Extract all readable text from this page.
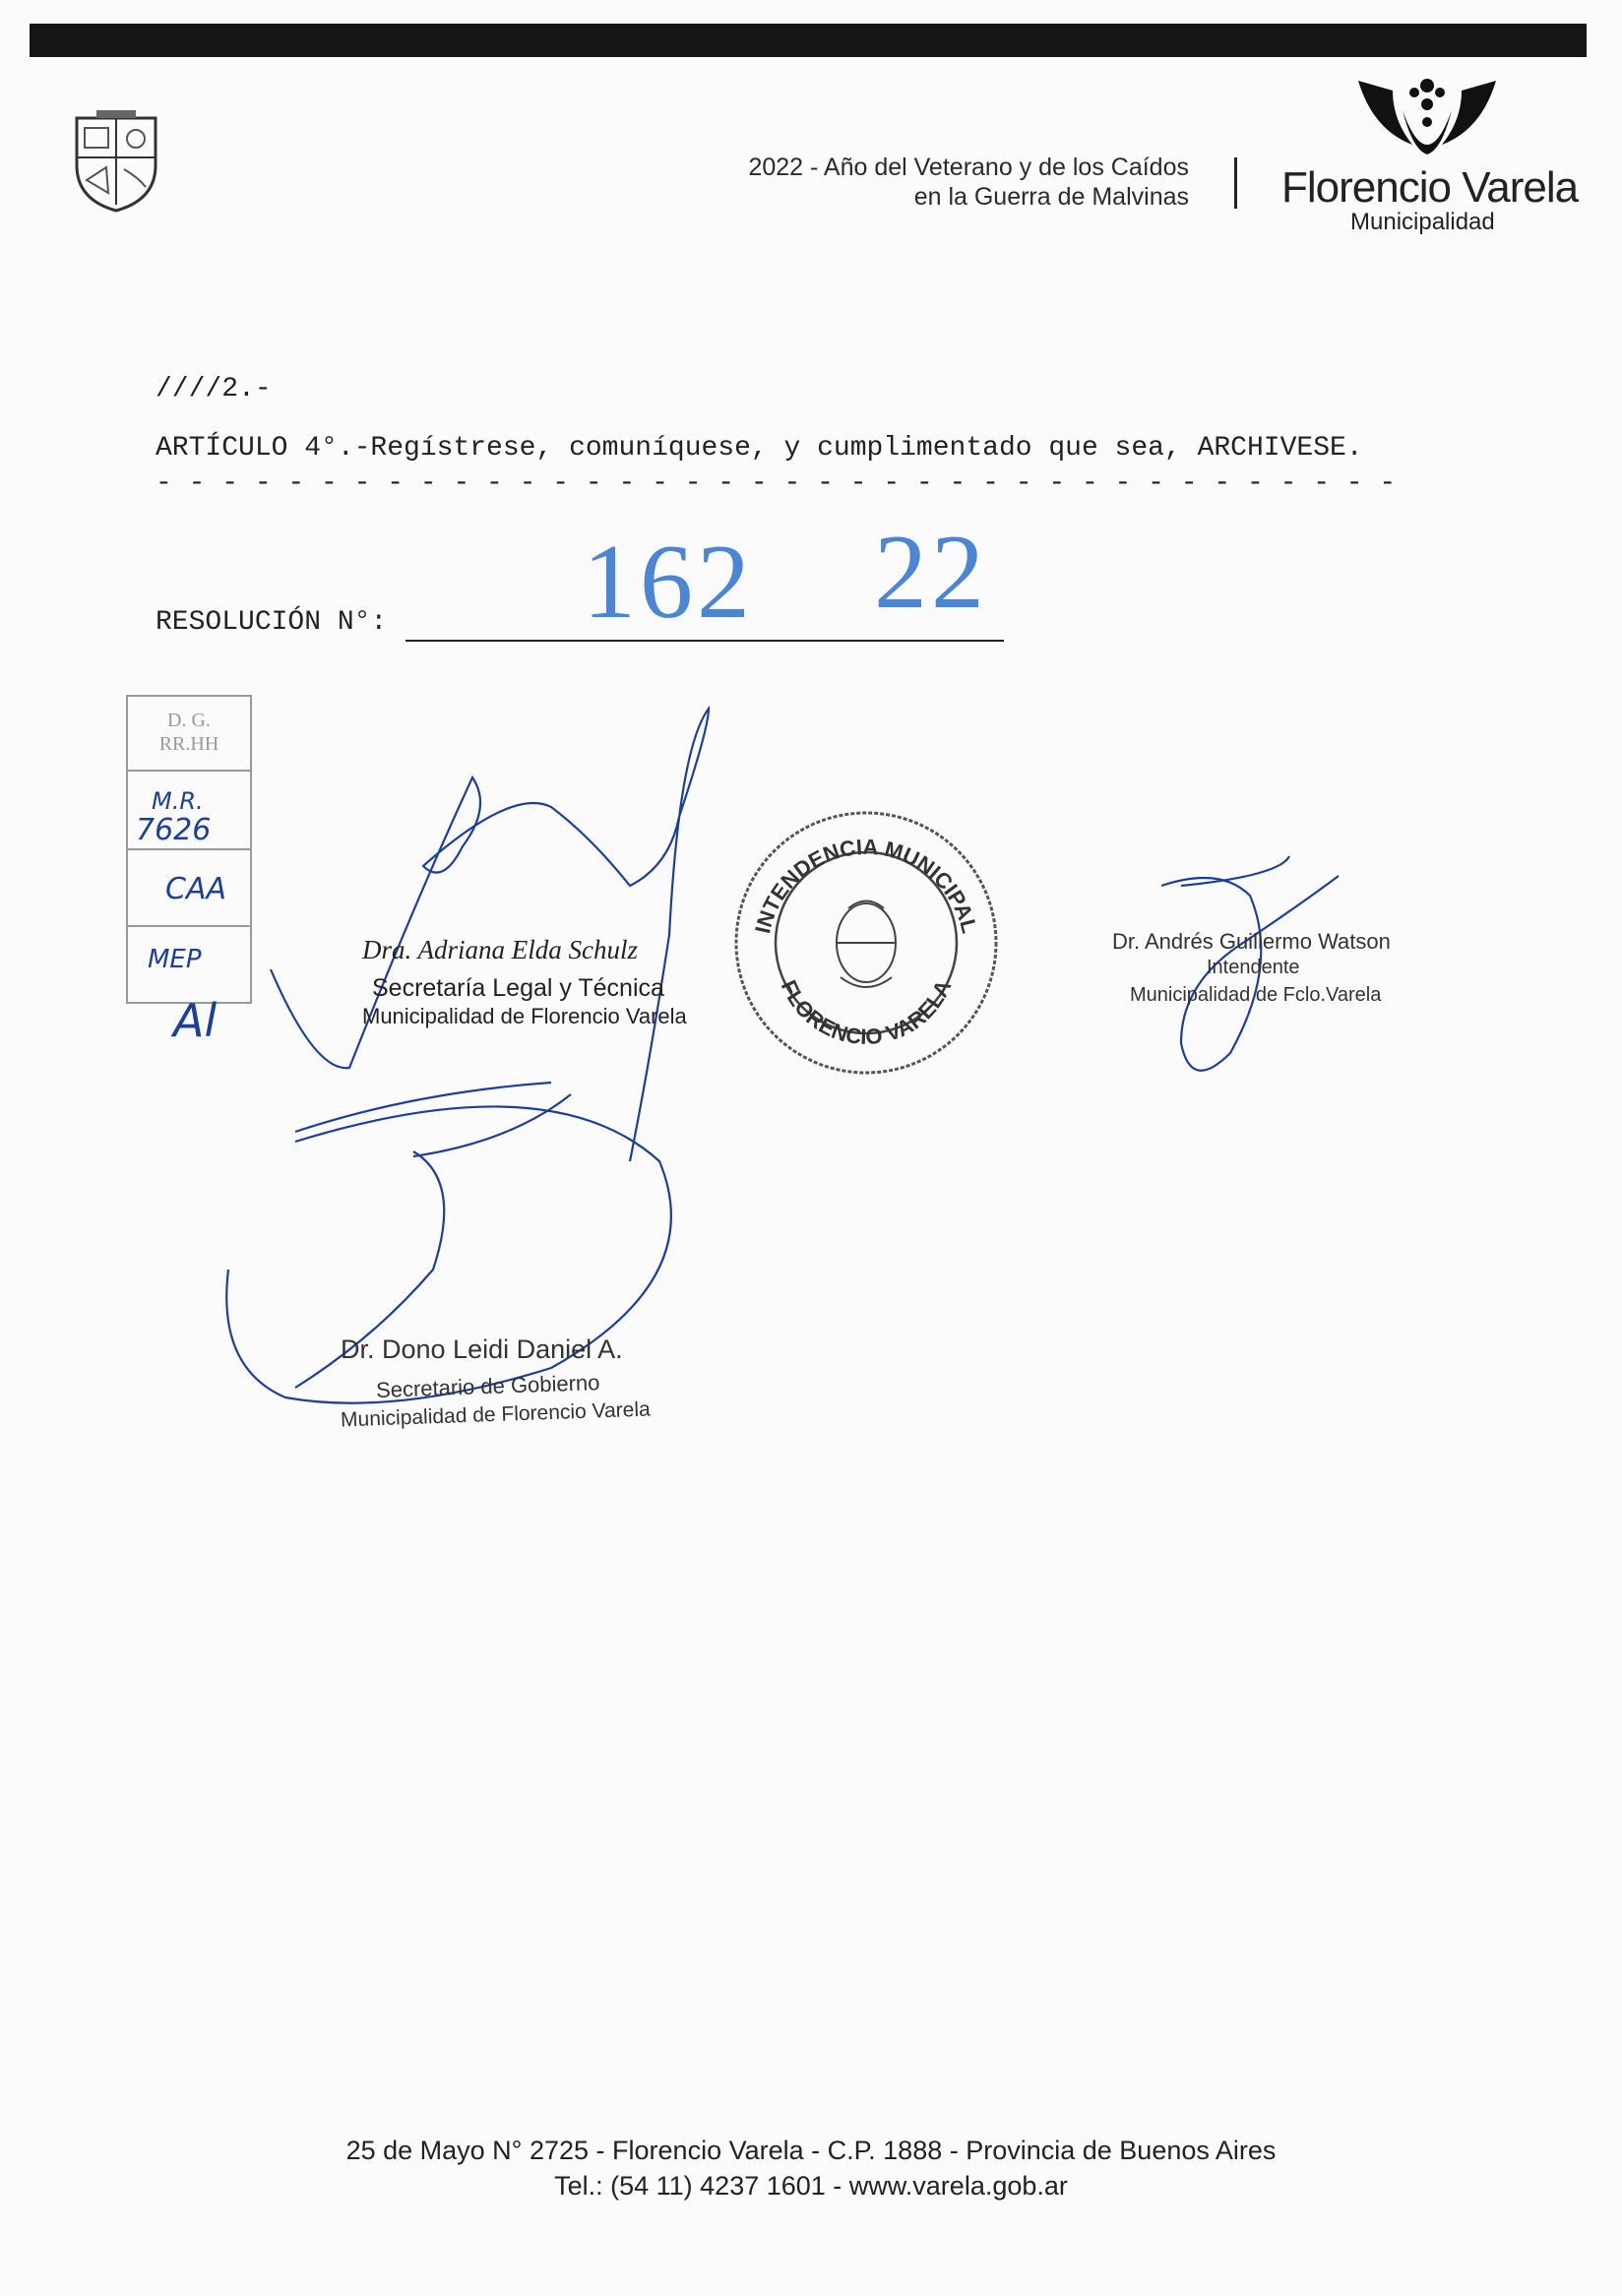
2022 - Año del Veterano y de los Caídos
en la Guerra de Malvinas Florencio Varela
Municipalidad
////2.-
ARTÍCULO 4°.-Regístrese, comuníquese, y cumplimentado que sea, ARCHIVESE.
- - - - - - - - - - - - - - - - - - - - - - - - - - - - - - - - - - - - - -
RESOLUCIÓN N°: 162 22
D. G.
RR.HH
M.R.
7626
CAA
MEP
Al
Dra. Adriana Elda Schulz
Secretaría Legal y Técnica
Municipalidad de Florencio Varela
Dr. Andrés Guillermo Watson
Intendente
Municipalidad de Fclo.Varela
Dr. Dono Leidi Daniel A.
Secretario de Gobierno
Municipalidad de Florencio Varela
INTENDENCIA MUNICIPAL
FLORENCIO VARELA
25 de Mayo N° 2725 - Florencio Varela - C.P. 1888 - Provincia de Buenos Aires
Tel.: (54 11) 4237 1601 - www.varela.gob.ar
